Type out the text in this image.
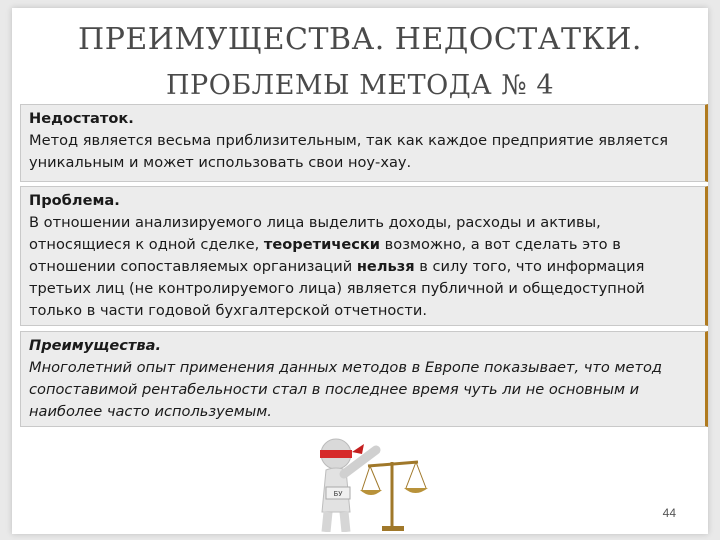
ПРЕИМУЩЕСТВА. НЕДОСТАТКИ.
ПРОБЛЕМЫ МЕТОДА № 4
Недостаток.

Метод является весьма приблизительным, так как каждое предприятие является уникальным и может использовать свои ноу-хау.

Проблема.

В отношении анализируемого лица выделить доходы, расходы и активы, относящиеся к одной сделке, теоретически возможно, а вот сделать это в отношении сопоставляемых организаций нельзя в силу того, что информация третьих лиц (не контролируемого лица) является публичной и общедоступной только в части годовой бухгалтерской отчетности.

Преимущества.

Многолетний опыт применения данных методов в Европе показывает, что метод сопоставимой рентабельности стал в последнее время чуть ли не основным и наиболее часто используемым.

БУ
44
